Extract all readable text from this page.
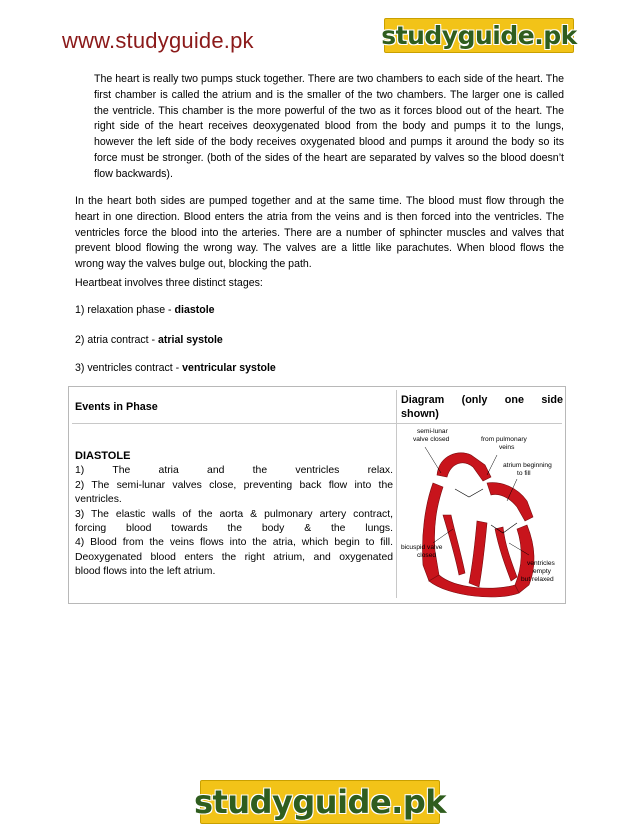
www.studyguide.pk	studyguide.pk
The heart is really two pumps stuck together. There are two chambers to each side of the heart. The first chamber is called the atrium and is the smaller of the two chambers. The larger one is called the ventricle. This chamber is the more powerful of the two as it forces blood out of the heart. The right side of the heart receives deoxygenated blood from the body and pumps it to the lungs, however the left side of the body receives oxygenated blood and pumps it around the body so its force must be stronger. (both of the sides of the heart are separated by valves so the blood doesn’t flow backwards).
In the heart both sides are pumped together and at the same time. The blood must flow through the heart in one direction. Blood enters the atria from the veins and is then forced into the ventricles. The ventricles force the blood into the arteries. There are a number of sphincter muscles and valves that prevent blood flowing the wrong way. The valves are a little like parachutes. When blood flows the wrong way the valves bulge out, blocking the path.
Heartbeat involves three distinct stages:
1) relaxation phase - diastole
2) atria contract - atrial systole
3) ventricles contract - ventricular systole
Events in Phase
Diagram (only one side
shown)
DIASTOLE
1) The atria and the ventricles relax.
2) The semi-lunar valves close, preventing back flow into the
ventricles.
3) The elastic walls of the aorta & pulmonary artery contract,
forcing blood towards the body & the lungs.
4) Blood from the veins flows into the atria, which begin to fill.
Deoxygenated blood enters the right atrium, and oxygenated
blood flows into the left atrium.
semi-lunar
valve closed	from pulmonary
veins
atrium beginning
to fill
bicuspid valve
closed
ventricles
empty
but relaxed
studyguide.pk
